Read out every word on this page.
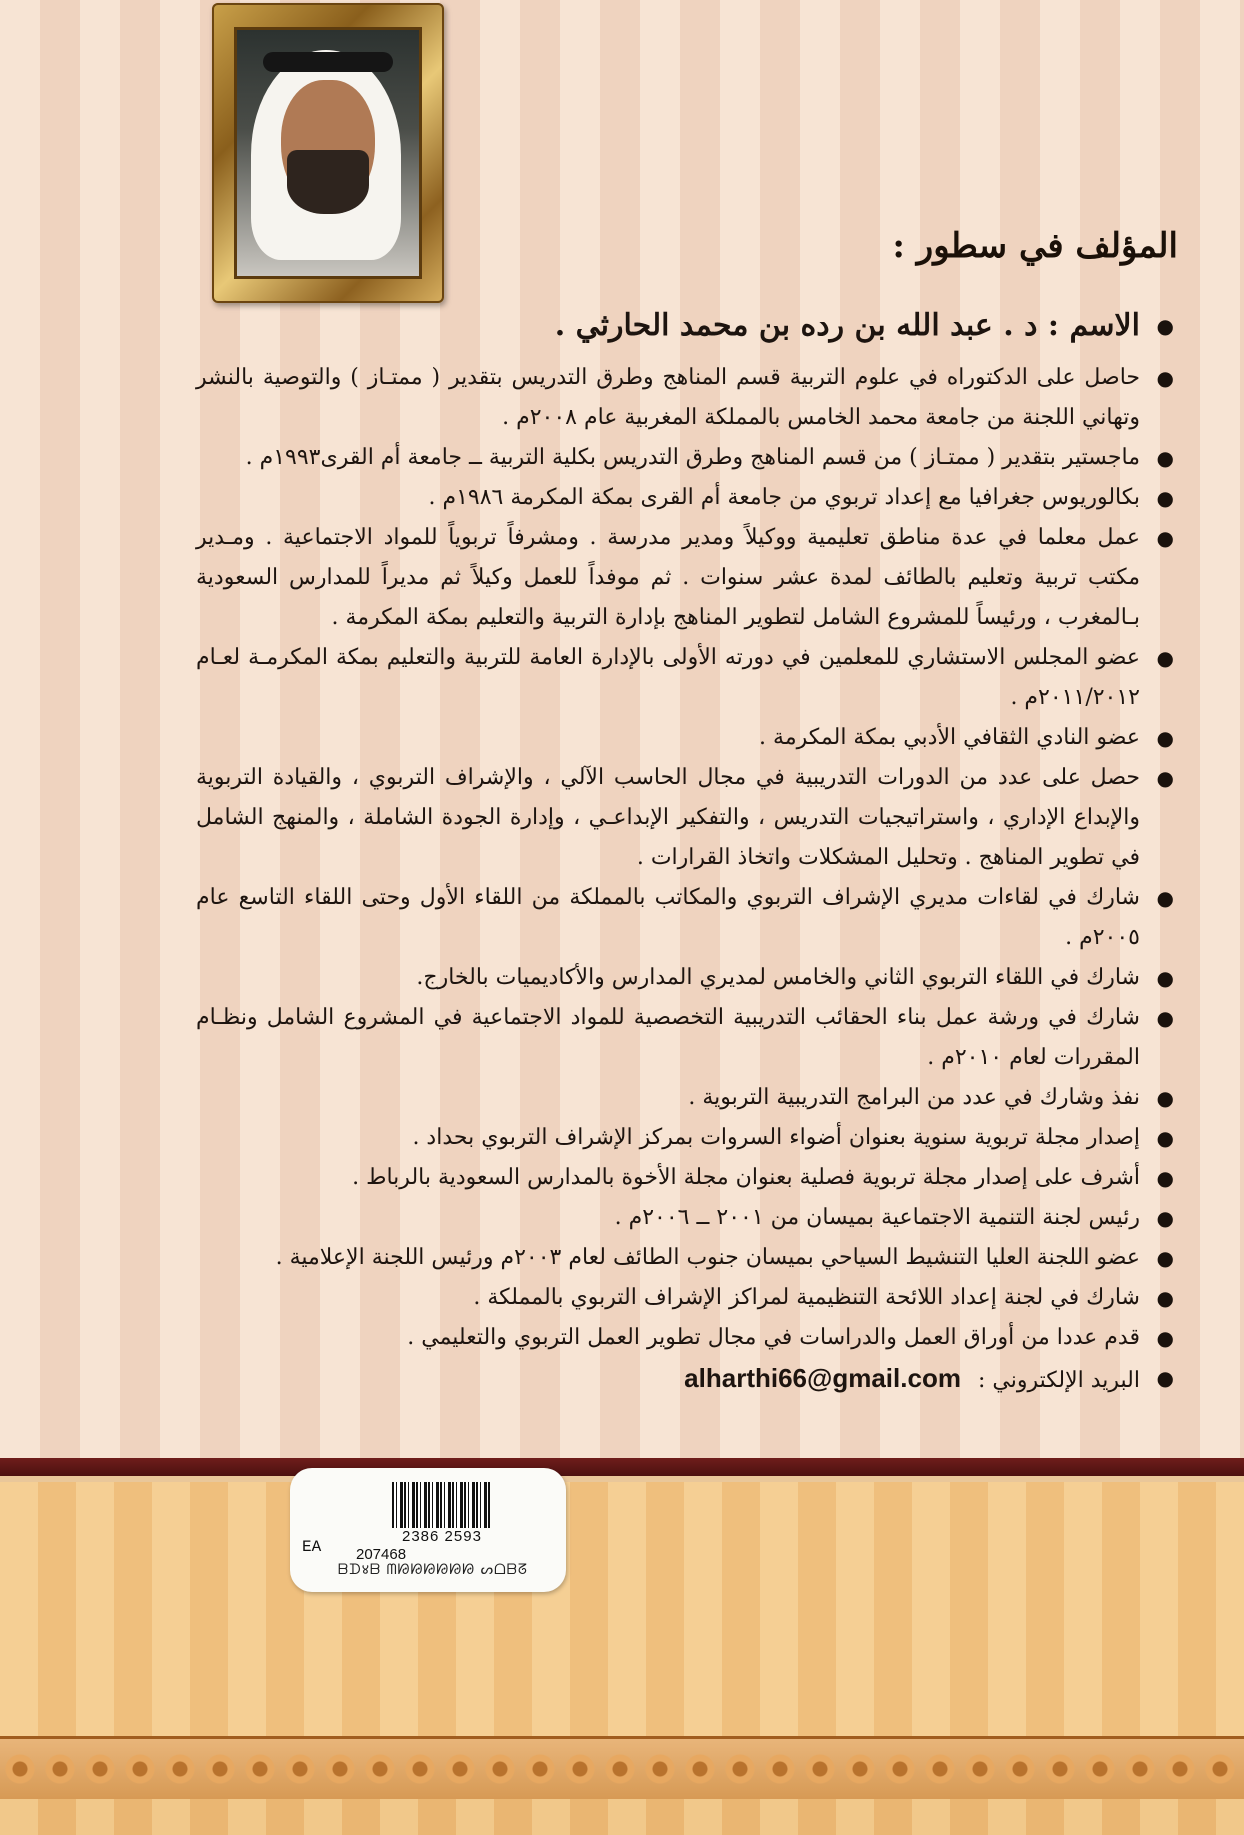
المؤلف في سطور :

●
الاسم : د . عبد الله بن رده بن محمد الحارثي .

●
حاصل على الدكتوراه في علوم التربية قسم المناهج وطرق التدريس بتقدير ( ممتـاز ) والتوصية بالنشر وتهاني اللجنة من جامعة محمد الخامس بالمملكة المغربية عام ٢٠٠٨م .

●
ماجستير بتقدير ( ممتـاز ) من قسم المناهج وطرق التدريس بكلية التربية ــ جامعة أم القرى١٩٩٣م .

●
بكالوريوس جغرافيا مع إعداد تربوي من جامعة أم القرى بمكة المكرمة ١٩٨٦م .

●
عمل معلما في عدة مناطق تعليمية ووكيلاً ومدير مدرسة . ومشرفاً تربوياً للمواد الاجتماعية . ومـدير مكتب تربية وتعليم بالطائف لمدة عشر سنوات . ثم موفداً للعمل وكيلاً ثم مديراً للمدارس السعودية بـالمغرب ، ورئيساً للمشروع الشامل لتطوير المناهج بإدارة التربية والتعليم بمكة المكرمة .

●
عضو المجلس الاستشاري للمعلمين في دورته الأولى بالإدارة العامة للتربية والتعليم بمكة المكرمـة لعـام ٢٠١١/٢٠١٢م .

●
عضو النادي الثقافي الأدبي بمكة المكرمة .

●
حصل على عدد من الدورات التدريبية في مجال الحاسب الآلي ، والإشراف التربوي ، والقيادة التربوية والإبداع الإداري ، واستراتيجيات التدريس ، والتفكير الإبداعـي ، وإدارة الجودة الشاملة ، والمنهج الشامل في تطوير المناهج . وتحليل المشكلات واتخاذ القرارات .

●
شارك في لقاءات مديري الإشراف التربوي والمكاتب بالمملكة من اللقاء الأول وحتى اللقاء التاسع عام ٢٠٠٥م .

●
شارك في اللقاء التربوي الثاني والخامس لمديري المدارس والأكاديميات بالخارج.

●
شارك في ورشة عمل بناء الحقائب التدريبية التخصصية للمواد الاجتماعية في المشروع الشامل ونظـام المقررات لعام ٢٠١٠م .

●
نفذ وشارك في عدد من البرامج التدريبية التربوية .

●
إصدار مجلة تربوية سنوية بعنوان أضواء السروات بمركز الإشراف التربوي بحداد .

●
أشرف على إصدار مجلة تربوية فصلية بعنوان مجلة الأخوة بالمدارس السعودية بالرباط .

●
رئيس لجنة التنمية الاجتماعية بميسان من ٢٠٠١ ــ ٢٠٠٦م .

●
عضو اللجنة العليا التنشيط السياحي بميسان جنوب الطائف لعام ٢٠٠٣م ورئيس اللجنة الإعلامية .

●
شارك في لجنة إعداد اللائحة التنظيمية لمراكز الإشراف التربوي بالمملكة .

●
قدم عددا من أوراق العمل والدراسات في مجال تطوير العمل التربوي والتعليمي .

●
البريد الإلكتروني : alharthi66@gmail.com

2386 2593
EA 207468
ᗷᗪ४ᗷ ᗰᘙᘙᘙᘙᘙᘙ ᔕᗝᗷᘔ
